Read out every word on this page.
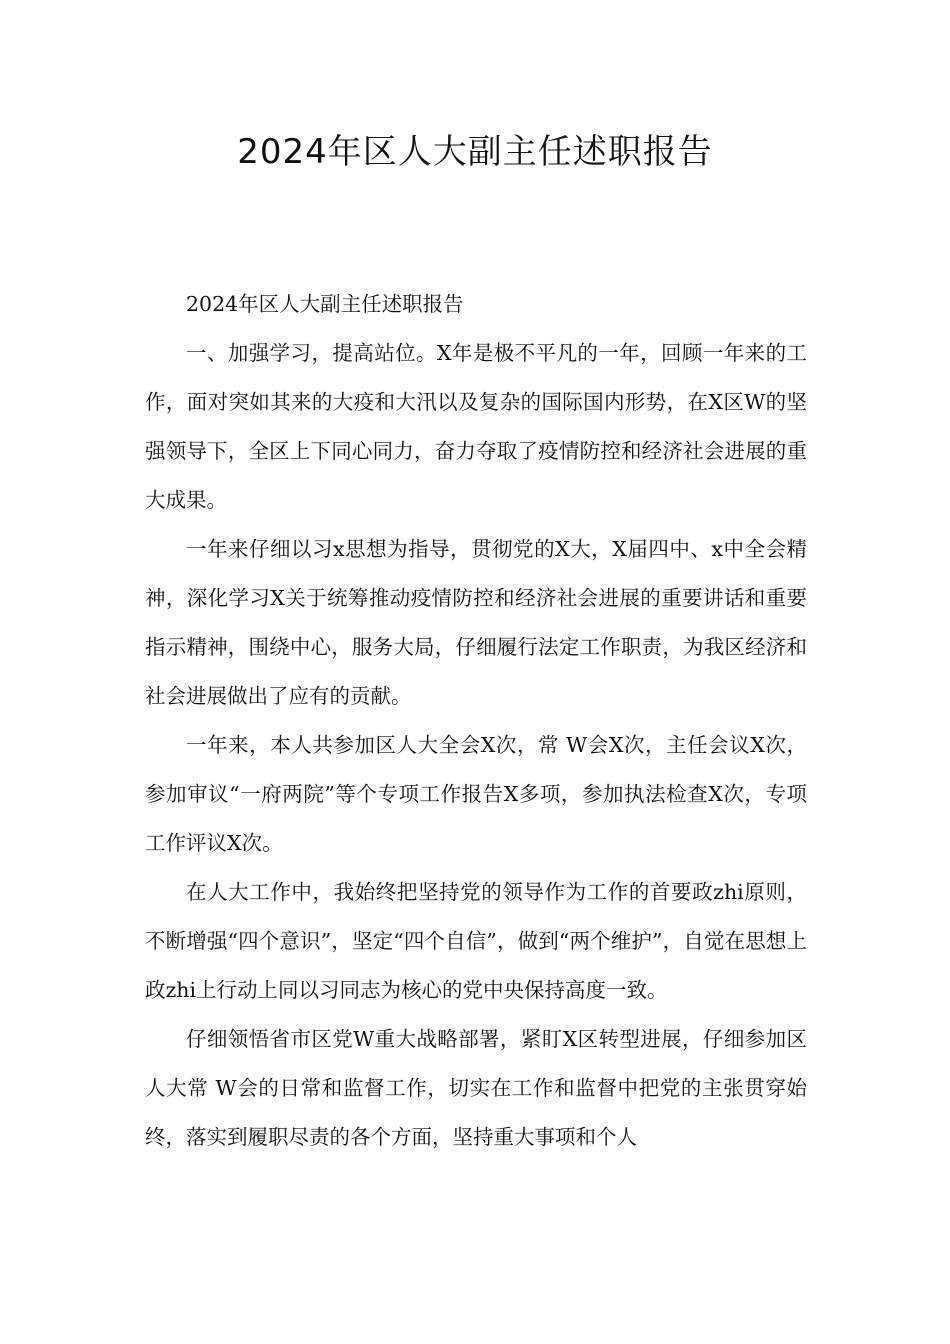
2024年区人大副主任述职报告

2024年区人大副主任述职报告

一、加强学习，提高站位。X年是极不平凡的一年，回顾一年来的工作，面对突如其来的大疫和大汛以及复杂的国际国内形势，在X区W的坚强领导下，全区上下同心同力，奋力夺取了疫情防控和经济社会进展的重大成果。

一年来仔细以习x思想为指导，贯彻党的X大，X届四中、x中全会精神，深化学习X关于统筹推动疫情防控和经济社会进展的重要讲话和重要指示精神，围绕中心，服务大局，仔细履行法定工作职责，为我区经济和社会进展做出了应有的贡献。

一年来，本人共参加区人大全会X次，常 W会X次，主任会议X次，参加审议“一府两院”等个专项工作报告X多项，参加执法检查X次，专项工作评议X次。

在人大工作中，我始终把坚持党的领导作为工作的首要政zhi原则，不断增强“四个意识”，坚定“四个自信”，做到“两个维护”，自觉在思想上政zhi上行动上同以习同志为核心的党中央保持高度一致。

仔细领悟省市区党W重大战略部署，紧盯X区转型进展，仔细参加区人大常 W会的日常和监督工作，切实在工作和监督中把党的主张贯穿始终，落实到履职尽责的各个方面，坚持重大事项和个人
